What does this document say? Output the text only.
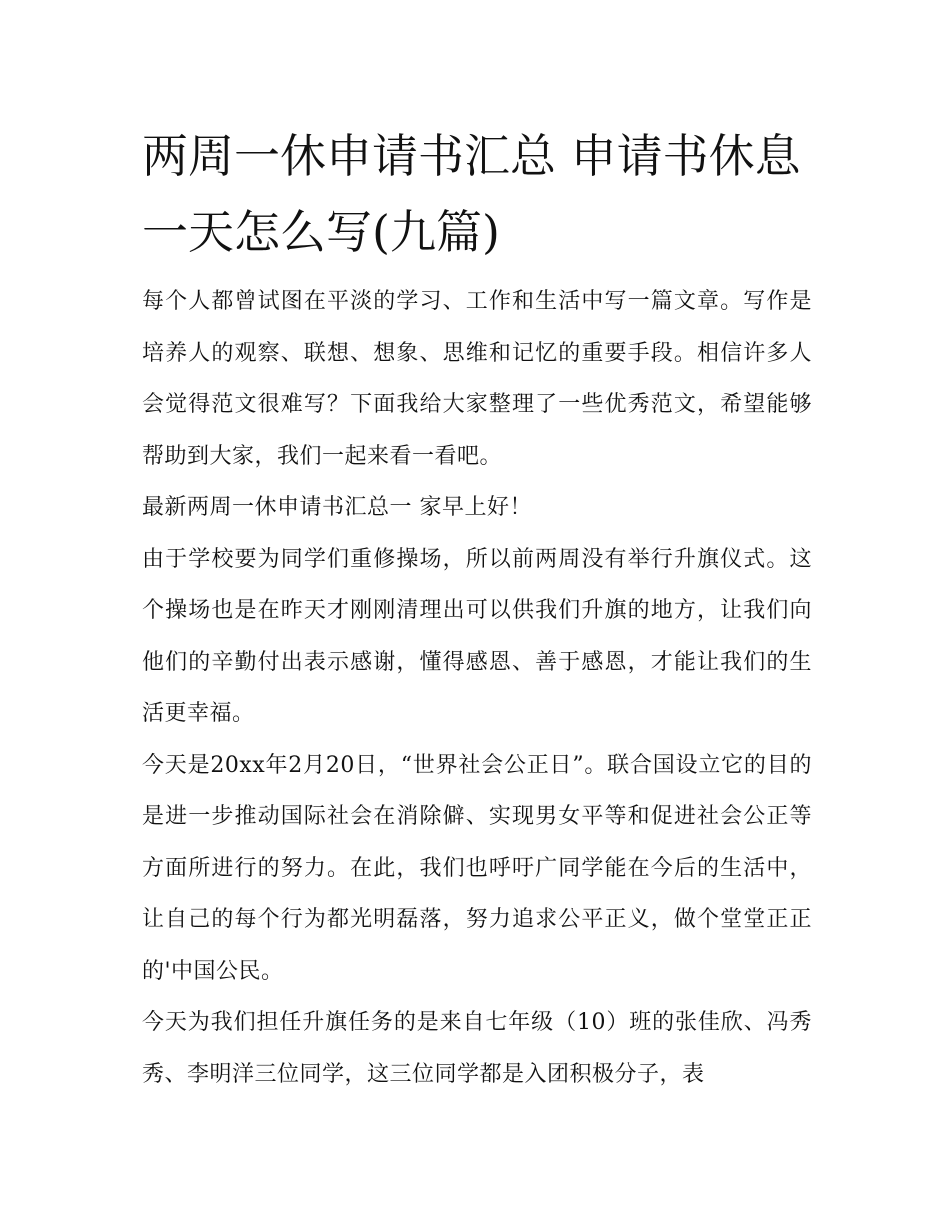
两周一休申请书汇总 申请书休息一天怎么写(九篇)

每个人都曾试图在平淡的学习、工作和生活中写一篇文章。写作是培养人的观察、联想、想象、思维和记忆的重要手段。相信许多人会觉得范文很难写？下面我给大家整理了一些优秀范文，希望能够帮助到大家，我们一起来看一看吧。

最新两周一休申请书汇总一 家早上好！

由于学校要为同学们重修操场，所以前两周没有举行升旗仪式。这个操场也是在昨天才刚刚清理出可以供我们升旗的地方，让我们向他们的辛勤付出表示感谢，懂得感恩、善于感恩，才能让我们的生活更幸福。

今天是20xx年2月20日，“世界社会公正日”。联合国设立它的目的是进一步推动国际社会在消除僻、实现男女平等和促进社会公正等方面所进行的努力。在此，我们也呼吁广同学能在今后的生活中，让自己的每个行为都光明磊落，努力追求公平正义，做个堂堂正正的'中国公民。

今天为我们担任升旗任务的是来自七年级（10）班的张佳欣、冯秀秀、李明洋三位同学，这三位同学都是入团积极分子，表
